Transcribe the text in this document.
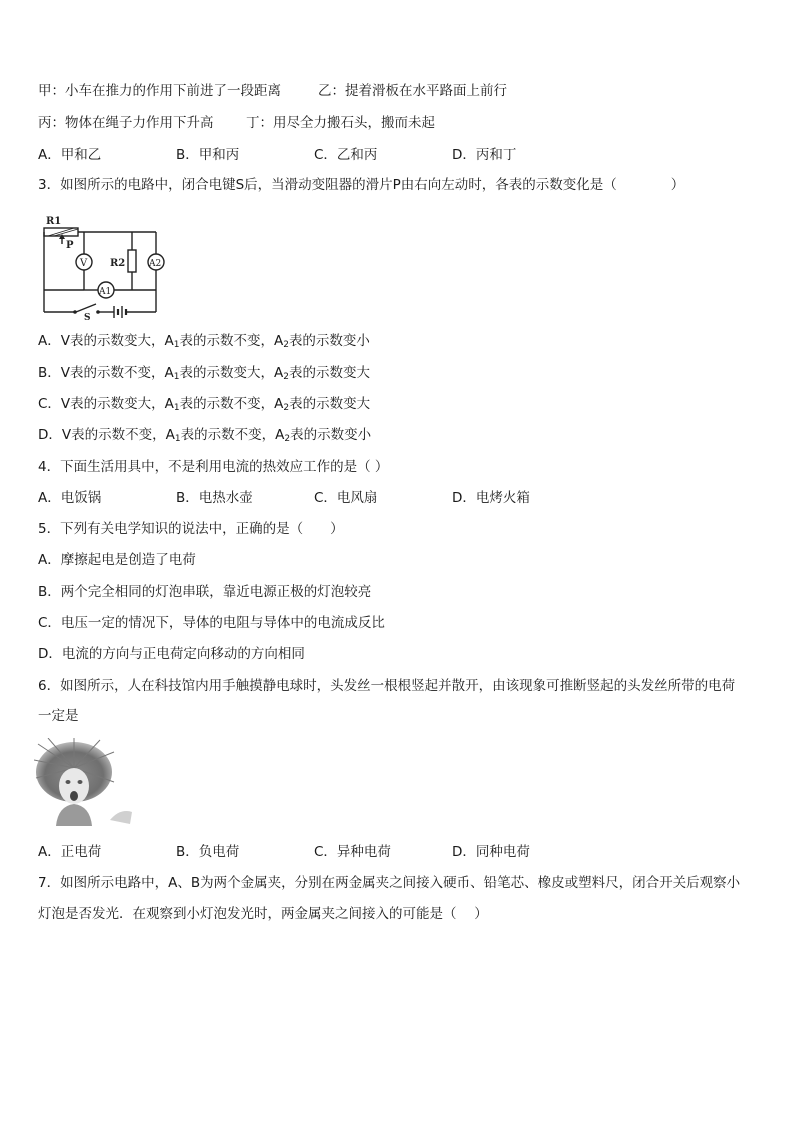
甲：小车在推力的作用下前进了一段距离	乙：提着滑板在水平路面上前行
丙：物体在绳子力作用下升高 丁：用尽全力搬石头，搬而未起
A．甲和乙	B．甲和丙	C．乙和丙	D．丙和丁
3．如图所示的电路中，闭合电键S后，当滑动变阻器的滑片P由右向左动时，各表的示数变化是（　　　　）
R1
P
V R2
A1
A2
S
A．V表的示数变大，$A_1$表的示数不变，$A_2$表的示数变小
B．V表的示数不变，$A_1$表的示数变大，$A_2$表的示数变大
C．V表的示数变大，$A_1$表的示数不变，$A_2$表的示数变大
D．V表的示数不变，$A_1$表的示数不变，$A_2$表的示数变小
4．下面生活用具中，不是利用电流的热效应工作的是（ ）
A．电饭锅	B．电热水壶	C．电风扇	D．电烤火箱
5．下列有关电学知识的说法中，正确的是（　　）
A．摩擦起电是创造了电荷
B．两个完全相同的灯泡串联，靠近电源正极的灯泡较亮
C．电压一定的情况下，导体的电阻与导体中的电流成反比
D．电流的方向与正电荷定向移动的方向相同
6．如图所示，人在科技馆内用手触摸静电球时，头发丝一根根竖起并散开，由该现象可推断竖起的头发丝所带的电荷
一定是
A．正电荷	B．负电荷	C．异种电荷	D．同种电荷
7．如图所示电路中，A、B为两个金属夹，分别在两金属夹之间接入硬币、铅笔芯、橡皮或塑料尺，闭合开关后观察小
灯泡是否发光．在观察到小灯泡发光时，两金属夹之间接入的可能是（　 ）
